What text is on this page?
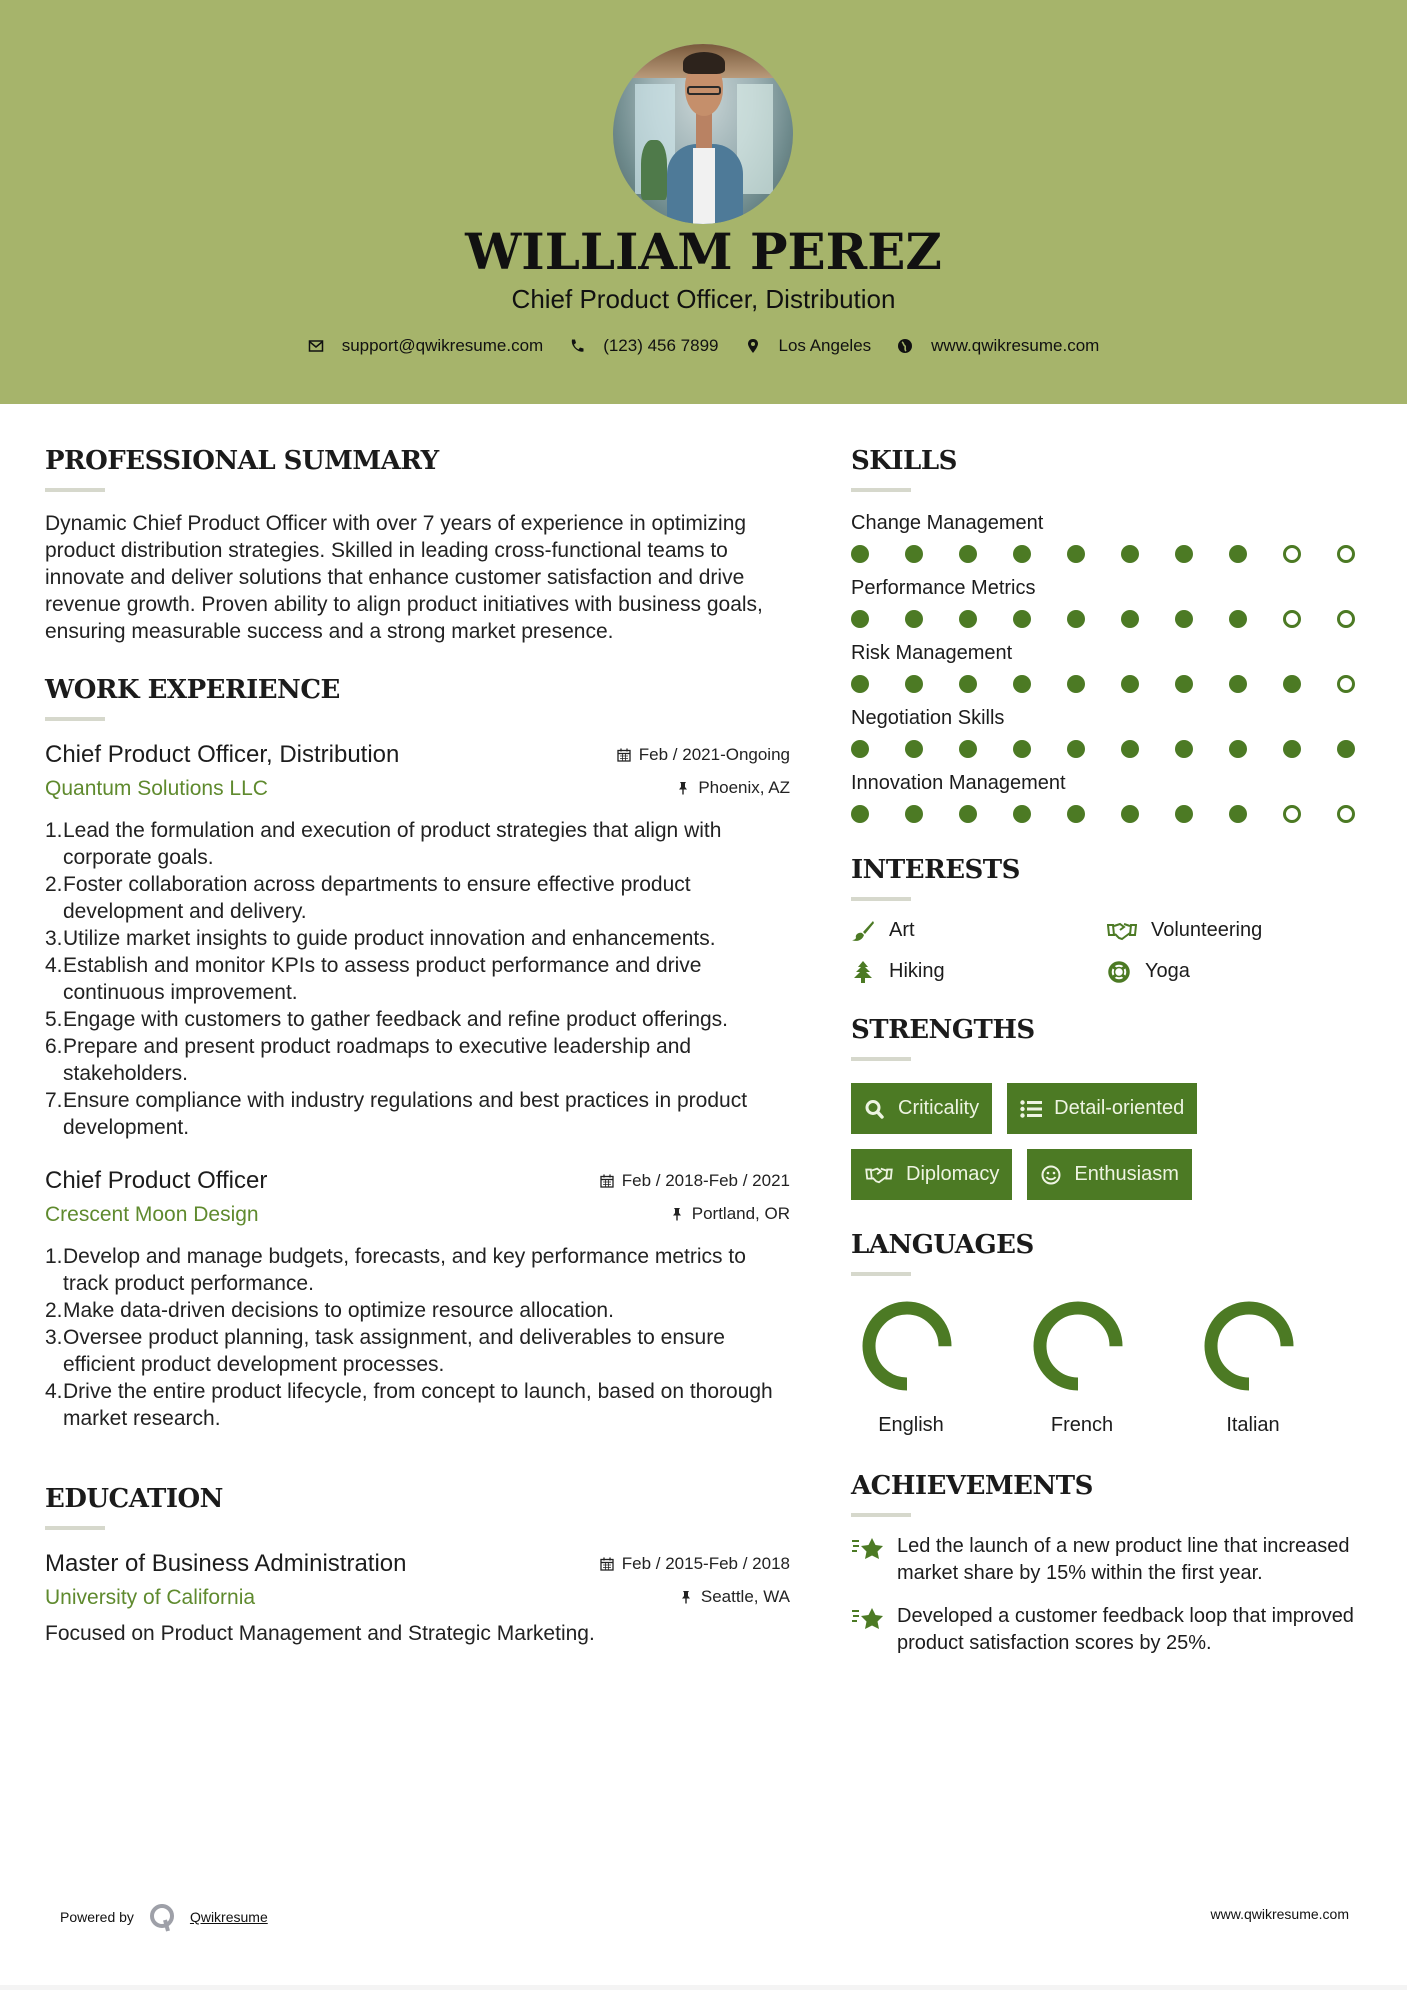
WILLIAM PEREZ
Chief Product Officer, Distribution
support@qwikresume.com	(123) 456 7899	Los Angeles	www.qwikresume.com
PROFESSIONAL SUMMARY
Dynamic Chief Product Officer with over 7 years of experience in optimizing product distribution strategies. Skilled in leading cross-functional teams to innovate and deliver solutions that enhance customer satisfaction and drive revenue growth. Proven ability to align product initiatives with business goals, ensuring measurable success and a strong market presence.
WORK EXPERIENCE
Chief Product Officer, Distribution	Feb / 2021-Ongoing
Quantum Solutions LLC	Phoenix, AZ
1. Lead the formulation and execution of product strategies that align with corporate goals.
2. Foster collaboration across departments to ensure effective product development and delivery.
3. Utilize market insights to guide product innovation and enhancements.
4. Establish and monitor KPIs to assess product performance and drive continuous improvement.
5. Engage with customers to gather feedback and refine product offerings.
6. Prepare and present product roadmaps to executive leadership and stakeholders.
7. Ensure compliance with industry regulations and best practices in product development.
Chief Product Officer	Feb / 2018-Feb / 2021
Crescent Moon Design	Portland, OR
1. Develop and manage budgets, forecasts, and key performance metrics to track product performance.
2. Make data-driven decisions to optimize resource allocation.
3. Oversee product planning, task assignment, and deliverables to ensure efficient product development processes.
4. Drive the entire product lifecycle, from concept to launch, based on thorough market research.
EDUCATION
Master of Business Administration	Feb / 2015-Feb / 2018
University of California	Seattle, WA
Focused on Product Management and Strategic Marketing.
SKILLS
Change Management
Performance Metrics
Risk Management
Negotiation Skills
Innovation Management
INTERESTS
Art	Volunteering
Hiking	Yoga
STRENGTHS
Criticality	Detail-oriented
Diplomacy	Enthusiasm
LANGUAGES
English	French	Italian
ACHIEVEMENTS
Led the launch of a new product line that increased market share by 15% within the first year.
Developed a customer feedback loop that improved product satisfaction scores by 25%.
Powered by	Qwikresume	www.qwikresume.com
